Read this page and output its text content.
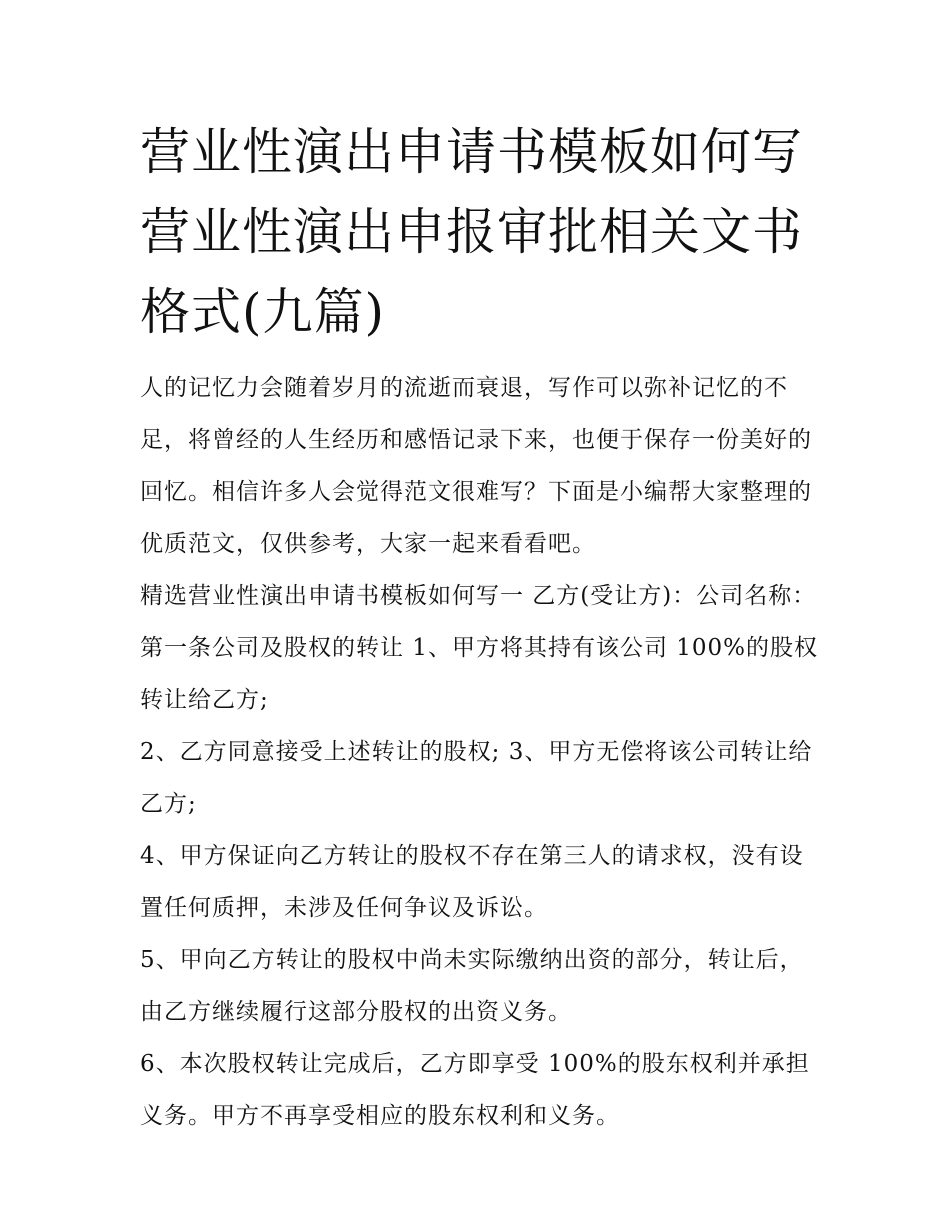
营业性演出申请书模板如何写营业性演出申报审批相关文书格式(九篇)

人的记忆力会随着岁月的流逝而衰退，写作可以弥补记忆的不足，将曾经的人生经历和感悟记录下来，也便于保存一份美好的回忆。相信许多人会觉得范文很难写？下面是小编帮大家整理的优质范文，仅供参考，大家一起来看看吧。

精选营业性演出申请书模板如何写一 乙方(受让方)：公司名称： 第一条公司及股权的转让 1、甲方将其持有该公司 100%的股权转让给乙方;

2、乙方同意接受上述转让的股权; 3、甲方无偿将该公司转让给乙方;

4、甲方保证向乙方转让的股权不存在第三人的请求权，没有设置任何质押，未涉及任何争议及诉讼。

5、甲向乙方转让的股权中尚未实际缴纳出资的部分，转让后，由乙方继续履行这部分股权的出资义务。

6、本次股权转让完成后，乙方即享受 100%的股东权利并承担义务。甲方不再享受相应的股东权利和义务。
